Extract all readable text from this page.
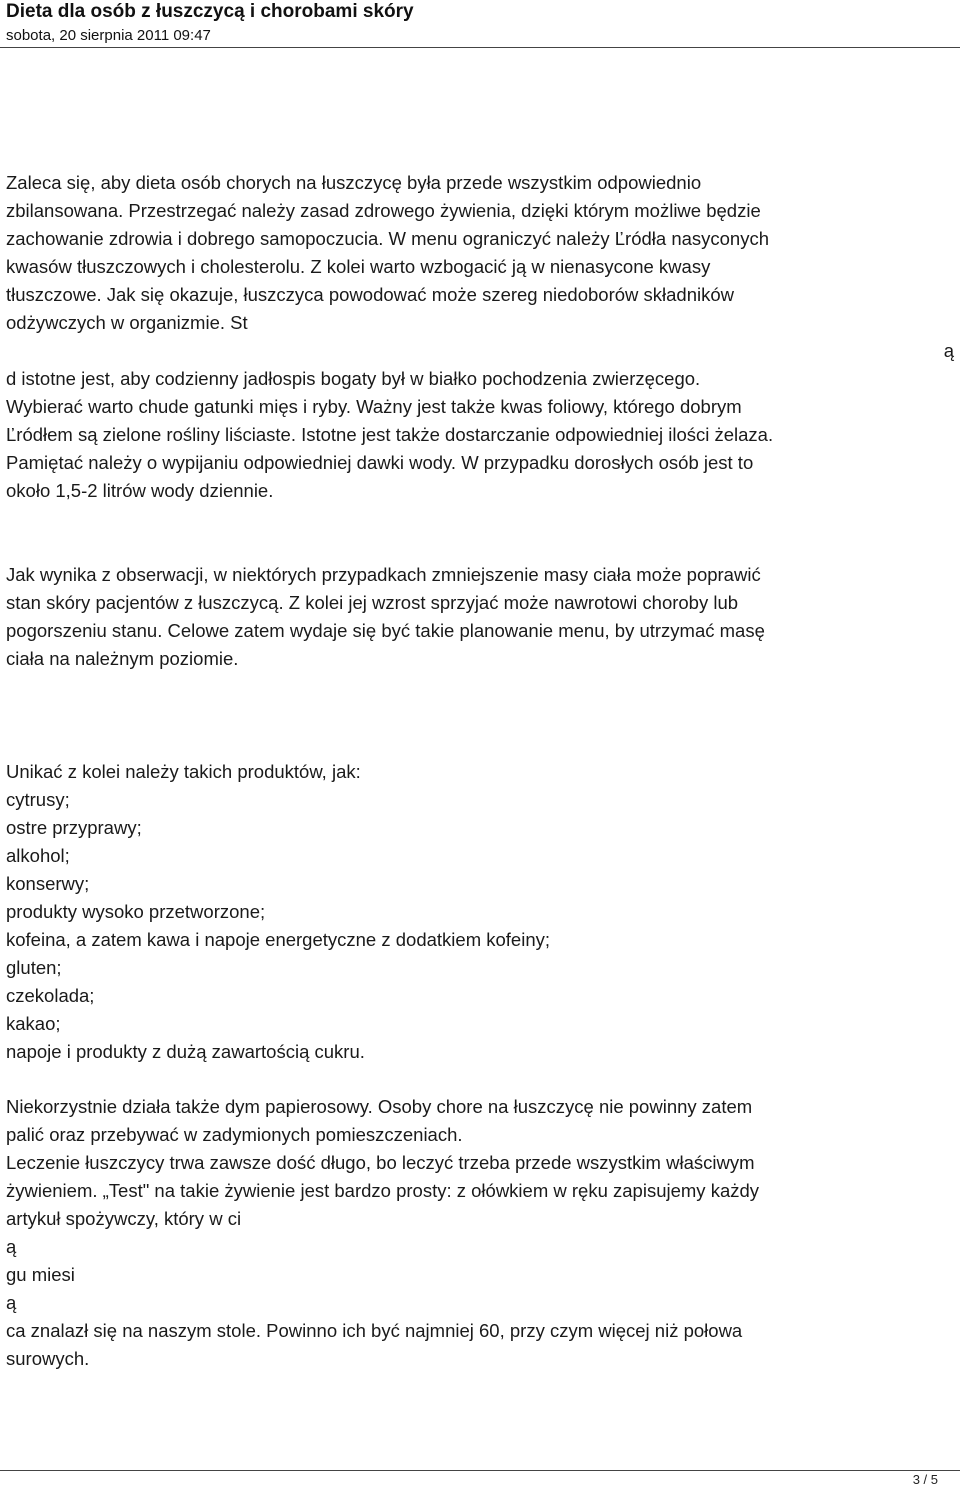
Dieta dla osób z łuszczycą i chorobami skóry
sobota, 20 sierpnia 2011 09:47

Zaleca się, aby dieta osób chorych na łuszczycę była przede wszystkim odpowiednio
zbilansowana. Przestrzegać należy zasad zdrowego żywienia, dzięki którym możliwe będzie
zachowanie zdrowia i dobrego samopoczucia. W menu ograniczyć należy Ľródła nasyconych
kwasów tłuszczowych i cholesterolu. Z kolei warto wzbogacić ją w nienasycone kwasy
tłuszczowe. Jak się okazuje, łuszczyca powodować może szereg niedoborów składników
odżywczych w organizmie. St

ą

d istotne jest, aby codzienny jadłospis bogaty był w białko pochodzenia zwierzęcego.
Wybierać warto chude gatunki mięs i ryby. Ważny jest także kwas foliowy, którego dobrym
Ľródłem są zielone rośliny liściaste. Istotne jest także dostarczanie odpowiedniej ilości żelaza.
Pamiętać należy o wypijaniu odpowiedniej dawki wody. W przypadku dorosłych osób jest to
około 1,5-2 litrów wody dziennie.

Jak wynika z obserwacji, w niektórych przypadkach zmniejszenie masy ciała może poprawić
stan skóry pacjentów z łuszczycą. Z kolei jej wzrost sprzyjać może nawrotowi choroby lub
pogorszeniu stanu. Celowe zatem wydaje się być takie planowanie menu, by utrzymać masę
ciała na należnym poziomie.

Unikać z kolei należy takich produktów, jak:

cytrusy;
ostre przyprawy;
alkohol;
konserwy;
produkty wysoko przetworzone;
kofeina, a zatem kawa i napoje energetyczne z dodatkiem kofeiny;
gluten;
czekolada;
kakao;
napoje i produkty z dużą zawartością cukru.

Niekorzystnie działa także dym papierosowy. Osoby chore na łuszczycę nie powinny zatem
palić oraz przebywać w zadymionych pomieszczeniach.

Leczenie łuszczycy trwa zawsze dość długo, bo leczyć trzeba przede wszystkim właściwym
żywieniem. „Test" na takie żywienie jest bardzo prosty: z ołówkiem w ręku zapisujemy każdy
artykuł spożywczy, który w ci
ą
gu miesi
ą
ca znalazł się na naszym stole. Powinno ich być najmniej 60, przy czym więcej niż połowa
surowych.

3 / 5
